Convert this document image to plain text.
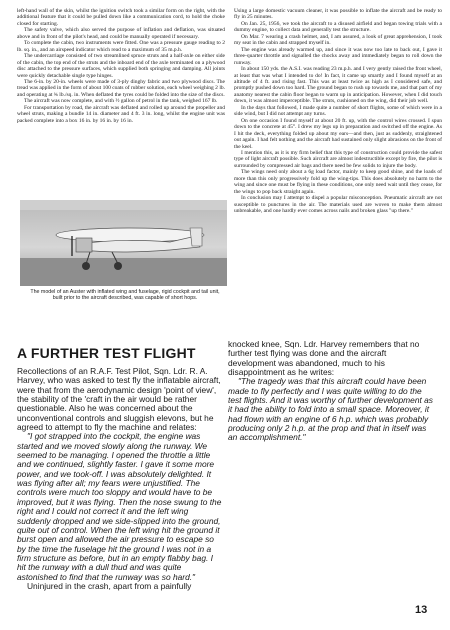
left-hand wall of the skin, whilst the ignition switch took a similar form on the right, with the additional feature that it could be pulled down like a communication cord, to hold the choke closed for starting.

The safety valve, which also served the purpose of inflation and deflation, was situated above and in front of the pilot's head, and could be manually operated if necessary.

To complete the cabin, two instruments were fitted. One was a pressure gauge reading to 2 lb. sq. in., and an airspeed indicator which read to a maximum of 35 m.p.h.

The undercarriage consisted of two streamlined spruce struts and a half-axle on either side of the cabin, the top end of the struts and the inboard end of the axle terminated on a plywood disc attached to the pressure surfaces, which supplied both springing and damping. All joints were quickly detachable single type hinges.

The 6-in. by 20-in. wheels were made of 3-ply dinghy fabric and two plywood discs. The tread was applied in the form of about 100 coats of rubber solution, each wheel weighing 2 lb. and operating at ¾ lb./sq. in. When deflated the tyres could be folded into the size of the discs.

The aircraft was now complete, and with ½ gallon of petrol in the tank, weighed 167 lb.

For transportation by road, the aircraft was deflated and rolled up around the propeller and wheel struts, making a bundle 14 in. diameter and 4 ft. 3 in. long, whilst the engine unit was packed complete into a box 16 in. by 16 in. by 16 in.

Using a large domestic vacuum cleaner, it was possible to inflate the aircraft and be ready to fly in 25 minutes.

On Jan. 25, 1956, we took the aircraft to a disused airfield and began towing trials with a dummy engine, to collect data and generally test the structure.

On Mar. 7 wearing a crash helmet, and, I am assured, a look of great apprehension, I took my seat in the cabin and strapped myself in.

The engine was already warmed up, and since it was now too late to back out, I gave it three-quarter throttle and signalled the chocks away and immediately began to roll down the runway.

In about 150 yds. the A.S.I. was reading 23 m.p.h. and I very gently raised the front wheel, at least that was what I intended to do! In fact, it came up smartly and I found myself at an altitude of 4 ft. and rising fast. This was at least twice as high as I considered safe, and promptly pushed down too hard. The ground began to rush up towards me, and that part of my anatomy nearest the cabin floor began to warm up in anticipation. However, when I did touch down, it was almost imperceptible. The struts, cushioned on the wing, did their job well.

In the days that followed, I made quite a number of short flights, some of which were in a side wind, but I did not attempt any turns.

On one occasion I found myself at about 20 ft. up, with the control wires crossed. I spun down to the concrete at 45°. I drew my legs up in preparation and switched off the engine. As I hit the deck, everything folded up about my ears—and then, just as suddenly, straightened out again. I had felt nothing and the aircraft had sustained only slight abrasions on the front of the keel.

I mention this, as it is my firm belief that this type of construction could provide the safest type of light aircraft possible. Such aircraft are almost indestructible except by fire, the pilot is surrounded by compressed air bags and there need be few solids to injure the body.

The wings need only about a 6g load factor, mainly to keep good shine, and the loads of more than this only progressively fold up the wing-tips. This does absolutely no harm to the wing and since one must be flying in these conditions, one only need wait until they cease, for the wings to pop back straight again.

In conclusion may I attempt to dispel a popular misconception. Pneumatic aircraft are not susceptible to punctures in the air. The materials used are woven to make them almost unbreakable, and one hardly ever comes across nails and broken glass "up there."

The model of an Auster with inflated wing and fuselage, rigid cockpit and tail unit, built prior to the aircraft described, was capable of short hops.
A FURTHER TEST FLIGHT

Recollections of an R.A.F. Test Pilot, Sqn. Ldr. R. A. Harvey, who was asked to test fly the inflatable aircraft, were that from the aerodynamic design 'point of view', the stability of the 'craft in the air would be rather questionable. Also he was concerned about the unconventional controls and sluggish elevons, but he agreed to attempt to fly the machine and relates:

"I got strapped into the cockpit, the engine was started and we moved slowly along the runway. We seemed to be managing. I opened the throttle a little and we continued, slightly faster. I gave it some more power, and we took-off. I was absolutely delighted. It was flying after all; my fears were unjustified. The controls were much too sloppy and would have to be improved, but it was flying. Then the nose swung to the right and I could not correct it and the left wing suddenly dropped and we side-slipped into the ground, quite out of control. When the left wing hit the ground it burst open and allowed the air pressure to escape so by the time the fuselage hit the ground I was not in a firm structure as before, but in an empty flabby bag. I hit the runway with a dull thud and was quite astonished to find that the runway was so hard."

Uninjured in the crash, apart from a painfully

knocked knee, Sqn. Ldr. Harvey remembers that no further test flying was done and the aircraft development was abandoned, much to his disappointment as he writes:

"The tragedy was that this aircraft could have been made to fly perfectly and I was quite willing to do the test flights. And it was worthy of further development as it had the ability to fold into a small space. Moreover, it had flown with an engine of 6 h.p. which was probably producing only 2 h.p. at the prop and that in itself was an accomplishment."

13
